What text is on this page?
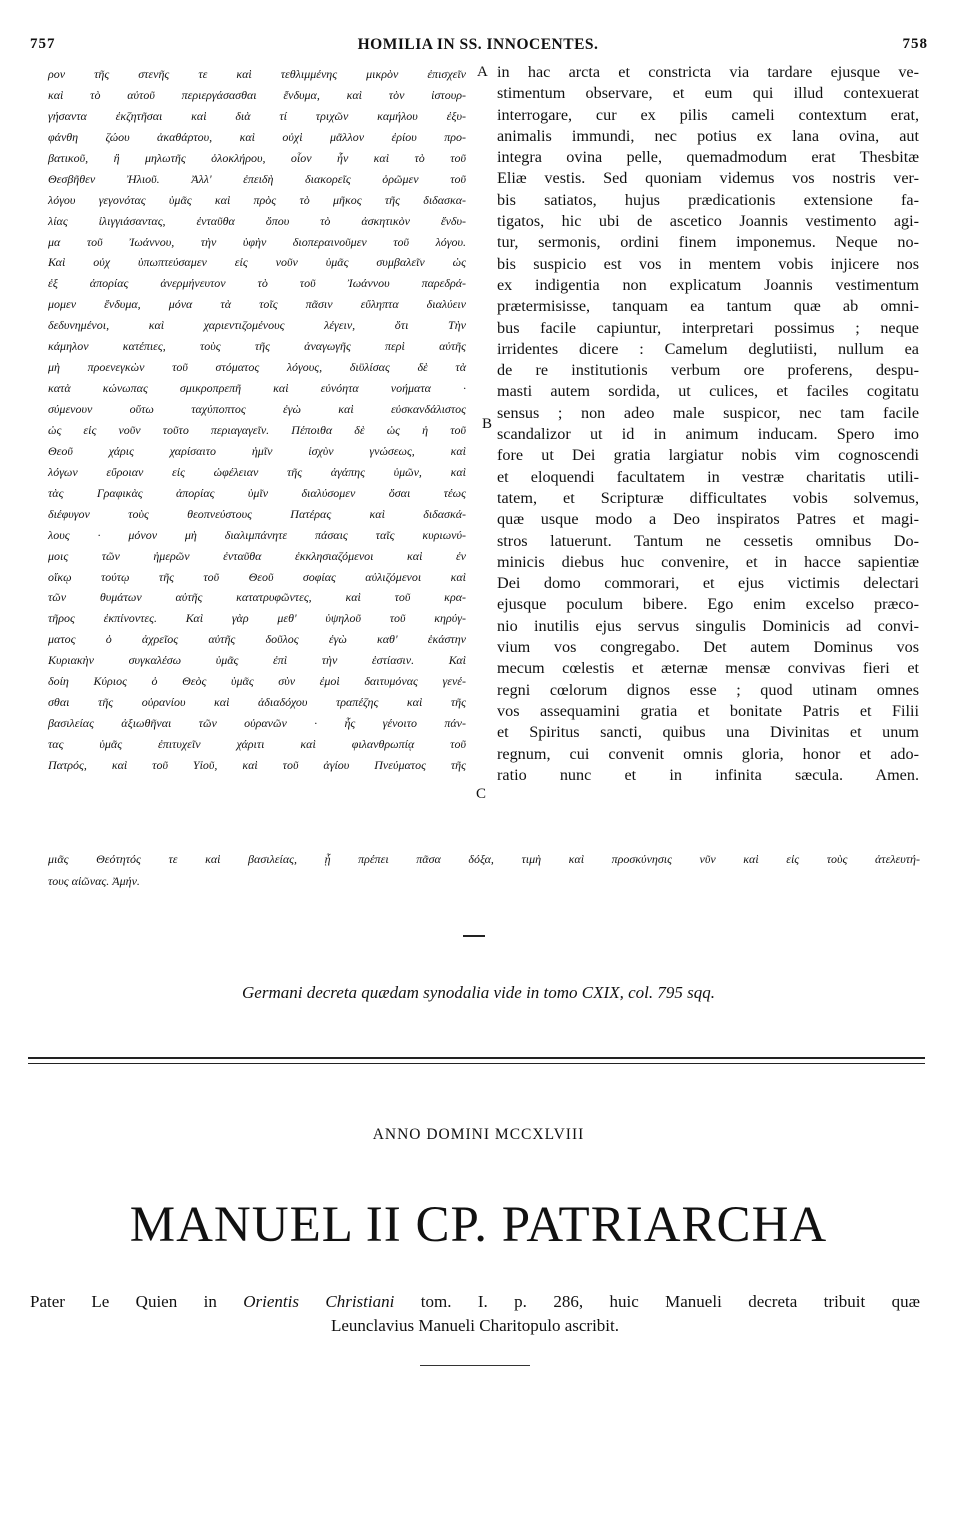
757	HOMILIA IN SS. INNOCENTES.	758
A
B
C
ρον τῆς στενῆς τε καὶ τεθλιμμένης μικρὸν ἐπισχεῖν
καὶ τὸ αὐτοῦ περιεργάσασθαι ἔνδυμα, καὶ τὸν ἱστουρ-
γήσαντα ἐκζητῆσαι καὶ διὰ τί τριχῶν καμήλου ἐξυ-
φάνθη ζώου ἀκαθάρτου, καὶ οὐχὶ μᾶλλον ἐρίου προ-
βατικοῦ, ἢ μηλωτῆς ὁλοκλήρου, οἷον ἦν καὶ τὸ τοῦ
Θεσβῆθεν Ἠλιοῦ. Ἀλλ' ἐπειδὴ διακορεῖς ὁρῶμεν τοῦ
λόγου γεγονότας ὑμᾶς καὶ πρὸς τὸ μῆκος τῆς διδασκα-
λίας ἰλιγγιάσαντας, ἐνταῦθα ὅπου τὸ ἀσκητικὸν ἔνδυ-
μα τοῦ Ἰωάννου, τὴν ὑφὴν διοπεραινοῦμεν τοῦ λόγου.
Καὶ οὐχ ὑπωπτεύσαμεν εἰς νοῦν ὑμᾶς συμβαλεῖν ὡς
ἐξ ἀπορίας ἀνερμήνευτον τὸ τοῦ Ἰωάννου παρεδρά-
μομεν ἔνδυμα, μόνα τὰ τοῖς πᾶσιν εὔληπτα διαλύειν
δεδυνημένοι, καὶ χαριεντιζομένους λέγειν, ὅτι Τὴν
κάμηλον κατέπιες, τοὺς τῆς ἀναγωγῆς περὶ αὐτῆς
μὴ προενεγκὼν τοῦ στόματος λόγους, διϋλίσας δὲ τὰ
κατὰ κώνωπας σμικροπρεπῆ καὶ εὐνόητα νοήματα ·
σύμενουν οὕτω ταχύποπτος ἐγὼ καὶ εὐσκανδάλιστος
ὡς εἰς νοῦν τοῦτο περιαγαγεῖν. Πέποιθα δὲ ὡς ἡ τοῦ
Θεοῦ χάρις χαρίσαιτο ἡμῖν ἰσχὺν γνώσεως, καὶ
λόγων εὔροιαν εἰς ὠφέλειαν τῆς ἀγάπης ὑμῶν, καὶ
τὰς Γραφικὰς ἀπορίας ὑμῖν διαλύσομεν ὅσαι τέως
διέφυγον τοὺς θεοπνεύστους Πατέρας καὶ διδασκά-
λους · μόνον μὴ διαλιμπάνητε πάσαις ταῖς κυριωνύ-
μοις τῶν ἡμερῶν ἐνταῦθα ἐκκλησιαζόμενοι καὶ ἐν
οἴκῳ τούτῳ τῆς τοῦ Θεοῦ σοφίας αὐλιζόμενοι καὶ
τῶν θυμάτων αὐτῆς κατατρυφῶντες, καὶ τοῦ κρα-
τῆρος ἐκπίνοντες. Καὶ γὰρ μεθ' ὑψηλοῦ τοῦ κηρύγ-
ματος ὁ ἀχρεῖος αὐτῆς δοῦλος ἐγὼ καθ' ἑκάστην
Κυριακὴν συγκαλέσω ὑμᾶς ἐπὶ τὴν ἑστίασιν. Καὶ
δοίη Κύριος ὁ Θεὸς ὑμᾶς σὺν ἐμοὶ δαιτυμόνας γενέ-
σθαι τῆς οὐρανίου καὶ ἀδιαδόχου τραπέζης καὶ τῆς
βασιλείας ἀξιωθῆναι τῶν οὐρανῶν · ἧς γένοιτο πάν-
τας ὑμᾶς ἐπιτυχεῖν χάριτι καὶ φιλανθρωπίᾳ τοῦ
Πατρός, καὶ τοῦ Υἱοῦ, καὶ τοῦ ἁγίου Πνεύματος τῆς
in hac arcta et constricta via tardare ejusque ve-
stimentum observare, et eum qui illud contexuerat
interrogare, cur ex pilis cameli contextum erat,
animalis immundi, nec potius ex lana ovina, aut
integra ovina pelle, quemadmodum erat Thesbitæ
Eliæ vestis. Sed quoniam videmus vos nostris ver-
bis satiatos, hujus prædicationis extensione fa-
tigatos, hic ubi de ascetico Joannis vestimento agi-
tur, sermonis, ordini finem imponemus. Neque no-
bis suspicio est vos in mentem vobis injicere nos
ex indigentia non explicatum Joannis vestimentum
prætermisisse, tanquam ea tantum quæ ab omni-
bus facile capiuntur, interpretari possimus ; neque
irridentes dicere : Camelum deglutiisti, nullum ea
de re institutionis verbum ore proferens, despu-
masti autem sordida, ut culices, et faciles cogitatu
sensus ; non adeo male suspicor, nec tam facile
scandalizor ut id in animum inducam. Spero imo
fore ut Dei gratia largiatur nobis vim cognoscendi
et eloquendi facultatem in vestræ charitatis utili-
tatem, et Scripturæ difficultates vobis solvemus,
quæ usque modo a Deo inspiratos Patres et magi-
stros latuerunt. Tantum ne cessetis omnibus Do-
minicis diebus huc convenire, et in hacce sapientiæ
Dei domo commorari, et ejus victimis delectari
ejusque poculum bibere. Ego enim excelso præco-
nio inutilis ejus servus singulis Dominicis ad convi-
vium vos congregabo. Det autem Dominus vos
mecum cœlestis et æternæ mensæ convivas fieri et
regni cœlorum dignos esse ; quod utinam omnes
vos assequamini gratia et bonitate Patris et Filii
et Spiritus sancti, quibus una Divinitas et unum
regnum, cui convenit omnis gloria, honor et ado-
ratio nunc et in infinita sæcula. Amen.
μιᾶς Θεότητός τε καὶ βασιλείας, ᾗ πρέπει πᾶσα δόξα, τιμὴ καὶ προσκύνησις νῦν καὶ εἰς τοὺς ἀτελευτή-
τους αἰῶνας. Ἀμήν.
Germani decreta quædam synodalia vide in tomo CXIX, col. 795 sqq.
ANNO DOMINI MCCXLVIII
MANUEL II CP. PATRIARCHA
Pater Le Quien in Orientis Christiani tom. I. p. 286, huic Manueli decreta tribuit quæ
Leunclavius Manueli Charitopulo ascribit.
